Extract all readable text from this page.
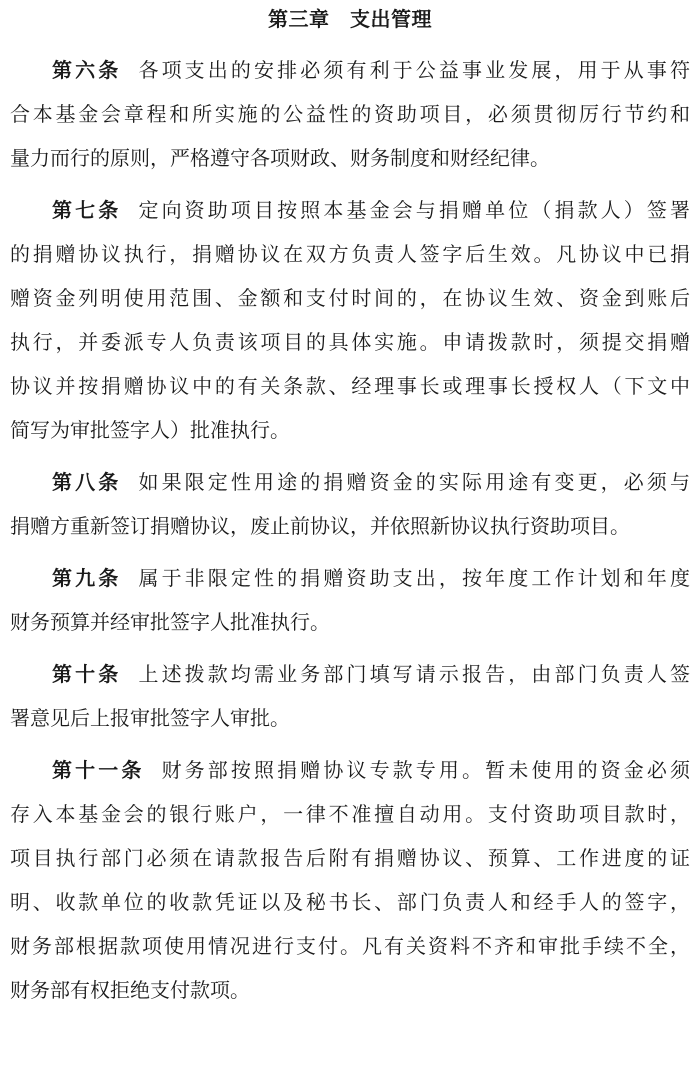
第三章　支出管理
第六条 各项支出的安排必须有利于公益事业发展，用于从事符
合本基金会章程和所实施的公益性的资助项目，必须贯彻厉行节约和
量力而行的原则，严格遵守各项财政、财务制度和财经纪律。
第七条 定向资助项目按照本基金会与捐赠单位（捐款人）签署
的捐赠协议执行，捐赠协议在双方负责人签字后生效。凡协议中已捐
赠资金列明使用范围、金额和支付时间的，在协议生效、资金到账后
执行，并委派专人负责该项目的具体实施。申请拨款时，须提交捐赠
协议并按捐赠协议中的有关条款、经理事长或理事长授权人（下文中
简写为审批签字人）批准执行。
第八条 如果限定性用途的捐赠资金的实际用途有变更，必须与
捐赠方重新签订捐赠协议，废止前协议，并依照新协议执行资助项目。
第九条 属于非限定性的捐赠资助支出，按年度工作计划和年度
财务预算并经审批签字人批准执行。
第十条 上述拨款均需业务部门填写请示报告，由部门负责人签
署意见后上报审批签字人审批。
第十一条 财务部按照捐赠协议专款专用。暂未使用的资金必须
存入本基金会的银行账户，一律不准擅自动用。支付资助项目款时，
项目执行部门必须在请款报告后附有捐赠协议、预算、工作进度的证
明、收款单位的收款凭证以及秘书长、部门负责人和经手人的签字，
财务部根据款项使用情况进行支付。凡有关资料不齐和审批手续不全，
财务部有权拒绝支付款项。
